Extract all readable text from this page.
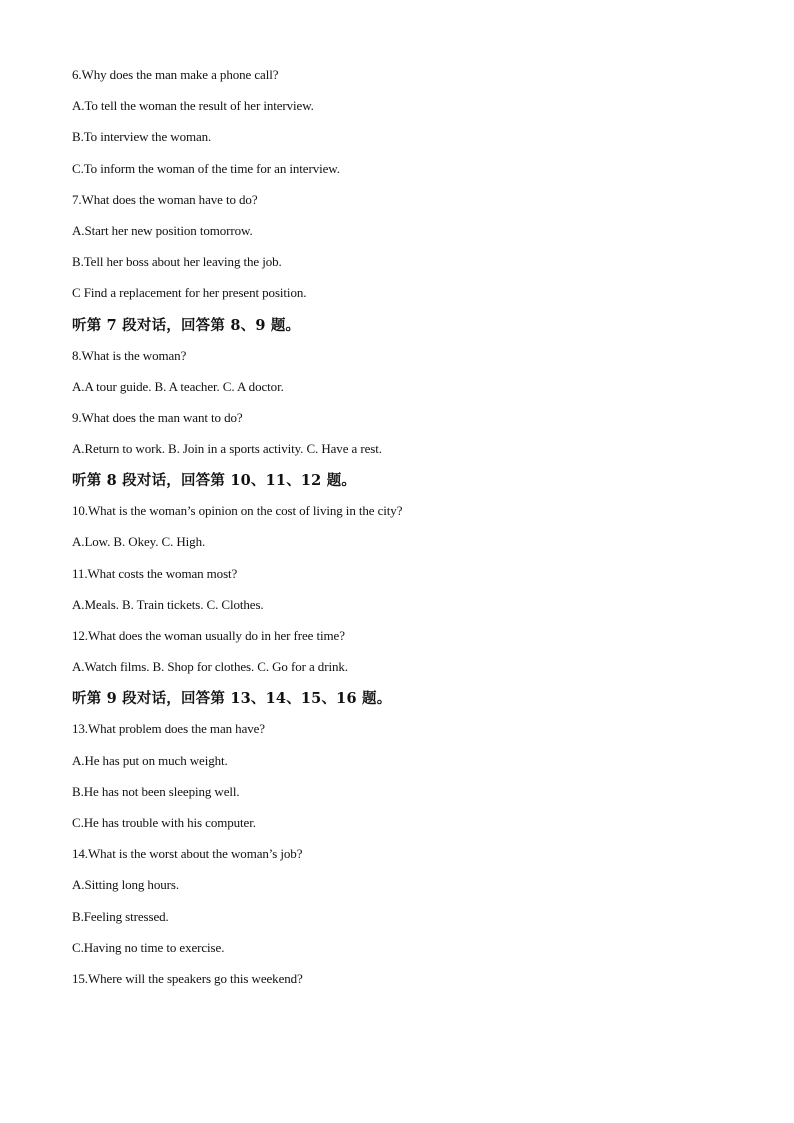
6.Why does the man make a phone call?
A.To tell the woman the result of her interview.
B.To interview the woman.
C.To inform the woman of the time for an interview.
7.What does the woman have to do?
A.Start her new position tomorrow.
B.Tell her boss about her leaving the job.
C Find a replacement for her present position.
听第 7 段对话，回答第 8、9 题。
8.What is the woman?
A.A tour guide. B. A teacher. C. A doctor.
9.What does the man want to do?
A.Return to work. B. Join in a sports activity. C. Have a rest.
听第 8 段对话，回答第 10、11、12 题。
10.What is the woman’s opinion on the cost of living in the city?
A.Low. B. Okey. C. High.
11.What costs the woman most?
A.Meals. B. Train tickets. C. Clothes.
12.What does the woman usually do in her free time?
A.Watch films. B. Shop for clothes. C. Go for a drink.
听第 9 段对话，回答第 13、14、15、16 题。
13.What problem does the man have?
A.He has put on much weight.
B.He has not been sleeping well.
C.He has trouble with his computer.
14.What is the worst about the woman’s job?
A.Sitting long hours.
B.Feeling stressed.
C.Having no time to exercise.
15.Where will the speakers go this weekend?
